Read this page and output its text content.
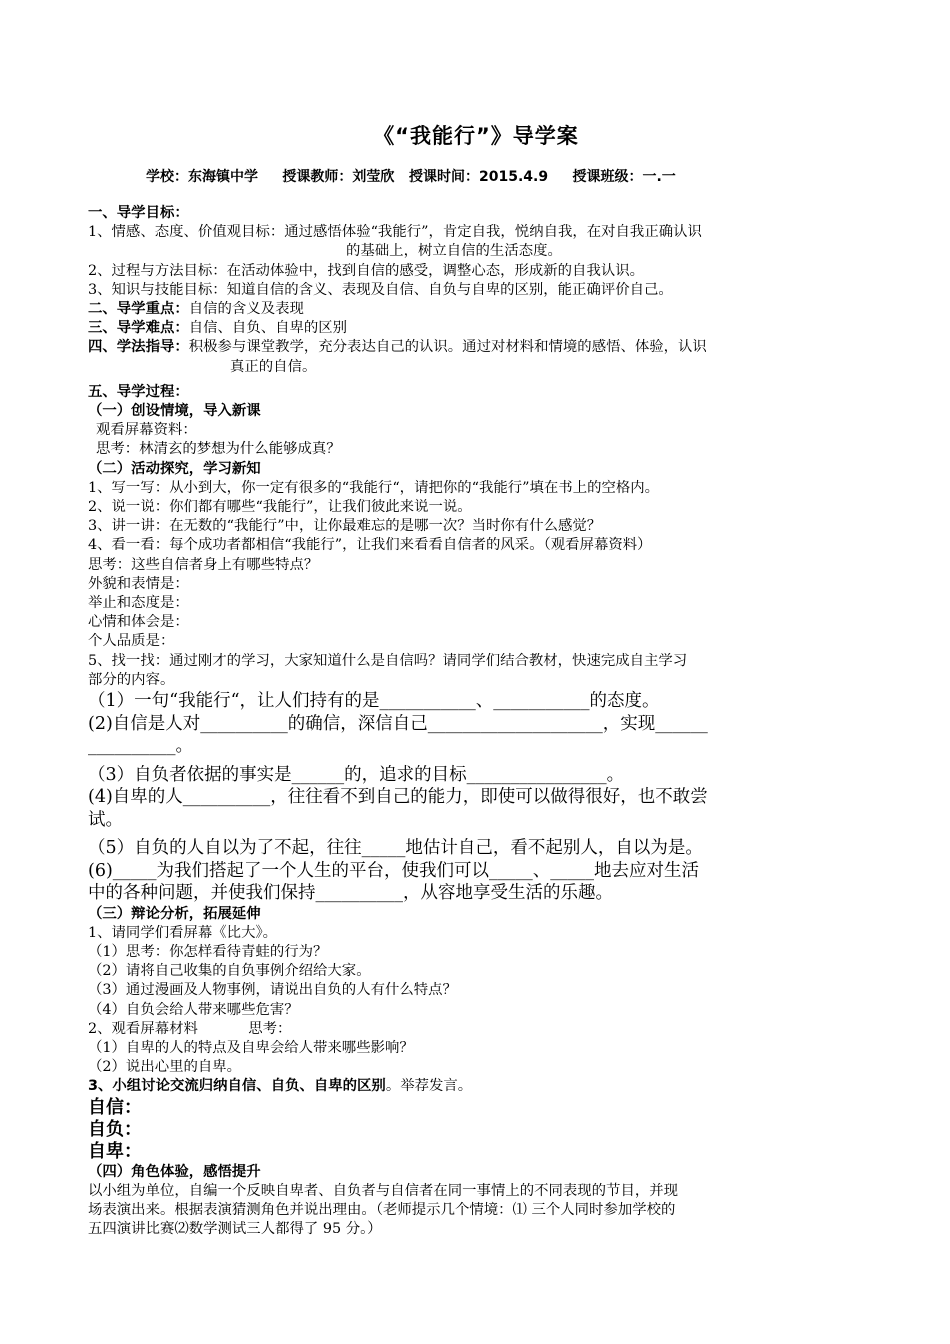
《“我能行”》导学案
学校：东海镇中学     授课教师：刘莹欣   授课时间：2015.4.9     授课班级：一.一
一、导学目标：
1、情感、态度、价值观目标：通过感悟体验“我能行”，肯定自我，悦纳自我，在对自我正确认识
的基础上，树立自信的生活态度。
2、过程与方法目标：在活动体验中，找到自信的感受，调整心态，形成新的自我认识。
3、知识与技能目标：知道自信的含义、表现及自信、自负与自卑的区别，能正确评价自己。
二、导学重点：自信的含义及表现
三、导学难点：自信、自负、自卑的区别
四、学法指导：积极参与课堂教学，充分表达自己的认识。通过对材料和情境的感悟、体验，认识
真正的自信。
五、导学过程：
（一）创设情境，导入新课
观看屏幕资料：
思考：林清玄的梦想为什么能够成真？
（二）活动探究，学习新知
1、写一写：从小到大，你一定有很多的“我能行“，请把你的“我能行”填在书上的空格内。
2、说一说：你们都有哪些“我能行”，让我们彼此来说一说。
3、讲一讲：在无数的“我能行”中，让你最难忘的是哪一次？当时你有什么感觉？
4、看一看：每个成功者都相信“我能行”，让我们来看看自信者的风采。（观看屏幕资料）
思考：这些自信者身上有哪些特点？
外貌和表情是：
举止和态度是：
心情和体会是：
个人品质是：
5、找一找：通过刚才的学习，大家知道什么是自信吗？请同学们结合教材，快速完成自主学习
部分的内容。
（1）一句“我能行“，让人们持有的是___________、___________的态度。
(2)自信是人对__________的确信，深信自己____________________，实现______
__________。
（3）自负者依据的事实是______的，追求的目标________________。
(4)自卑的人__________，往往看不到自己的能力，即使可以做得很好，也不敢尝
试。
（5）自负的人自以为了不起，往往_____地估计自己，看不起别人，自以为是。
(6)_____为我们搭起了一个人生的平台，使我们可以_____、_____地去应对生活
中的各种问题，并使我们保持__________，从容地享受生活的乐趣。
（三）辩论分析，拓展延伸
1、请同学们看屏幕《比大》。
（1）思考：你怎样看待青蛙的行为？
（2）请将自己收集的自负事例介绍给大家。
（3）通过漫画及人物事例，请说出自负的人有什么特点？
（4）自负会给人带来哪些危害？
2、观看屏幕材料           思考：
（1）自卑的人的特点及自卑会给人带来哪些影响？
（2）说出心里的自卑。
3、小组讨论交流归纳自信、自负、自卑的区别。举荐发言。
自信：
自负：
自卑：
（四）角色体验，感悟提升
以小组为单位，自编一个反映自卑者、自负者与自信者在同一事情上的不同表现的节目，并现
场表演出来。根据表演猜测角色并说出理由。（老师提示几个情境：⑴ 三个人同时参加学校的
五四演讲比赛⑵数学测试三人都得了 95 分。）
